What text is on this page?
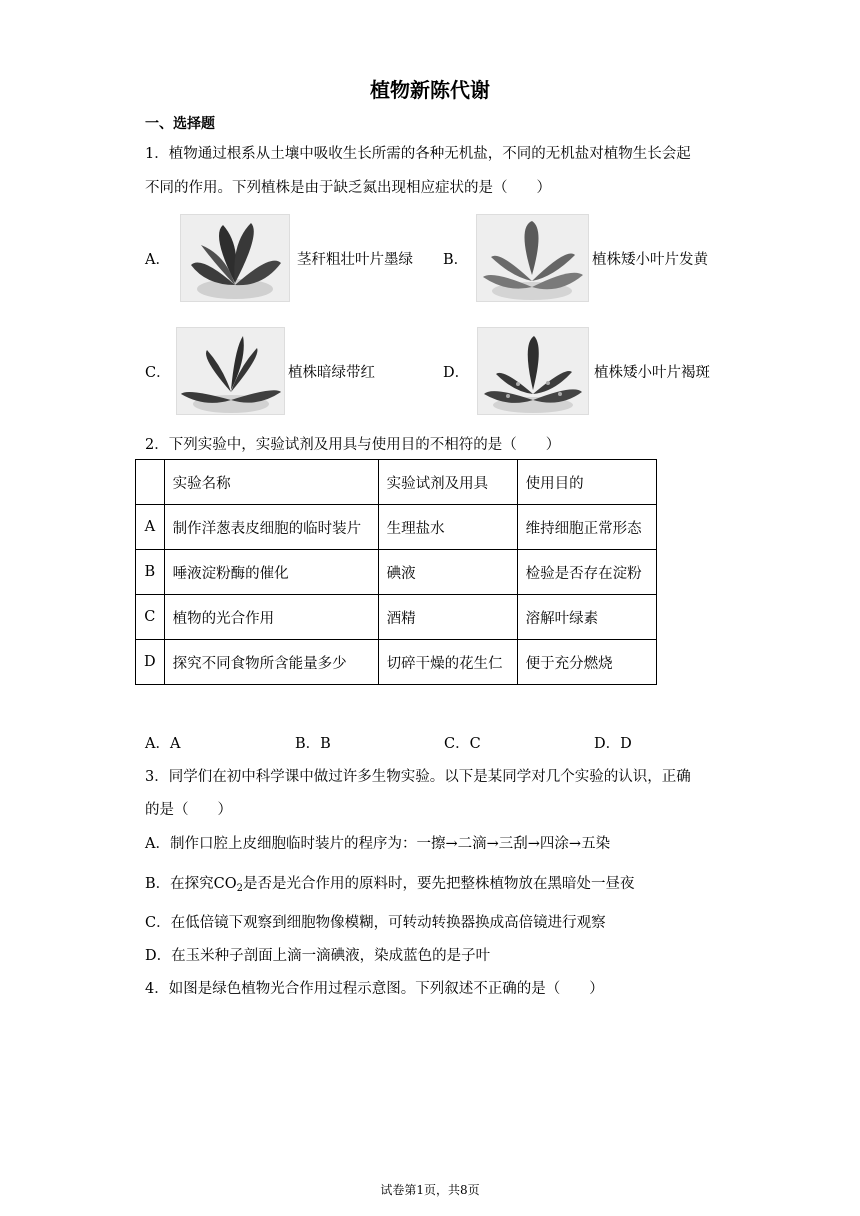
植物新陈代谢
一、选择题
1．植物通过根系从土壤中吸收生长所需的各种无机盐，不同的无机盐对植物生长会起
不同的作用。下列植株是由于缺乏氮出现相应症状的是（　　）
A．	茎秆粗壮叶片墨绿 B．	植株矮小叶片发黄
C．	植株暗绿带红	D．	植株矮小叶片褐斑
2．下列实验中，实验试剂及用具与使用目的不相符的是（　　）
	实验名称	实验试剂及用具	使用目的
A	制作洋葱表皮细胞的临时装片	生理盐水	维持细胞正常形态
B	唾液淀粉酶的催化	碘液	检验是否存在淀粉
C	植物的光合作用	酒精	溶解叶绿素
D	探究不同食物所含能量多少	切碎干燥的花生仁	便于充分燃烧
A．A	B．B	C．C	D．D
3．同学们在初中科学课中做过许多生物实验。以下是某同学对几个实验的认识，正确
的是（　　）
A．制作口腔上皮细胞临时装片的程序为：一擦→二滴→三刮→四涂→五染
B．在探究$CO_2$是否是光合作用的原料时，要先把整株植物放在黑暗处一昼夜
C．在低倍镜下观察到细胞物像模糊，可转动转换器换成高倍镜进行观察
D．在玉米种子剖面上滴一滴碘液，染成蓝色的是子叶
4．如图是绿色植物光合作用过程示意图。下列叙述不正确的是（　　）
试卷第1页，共8页
